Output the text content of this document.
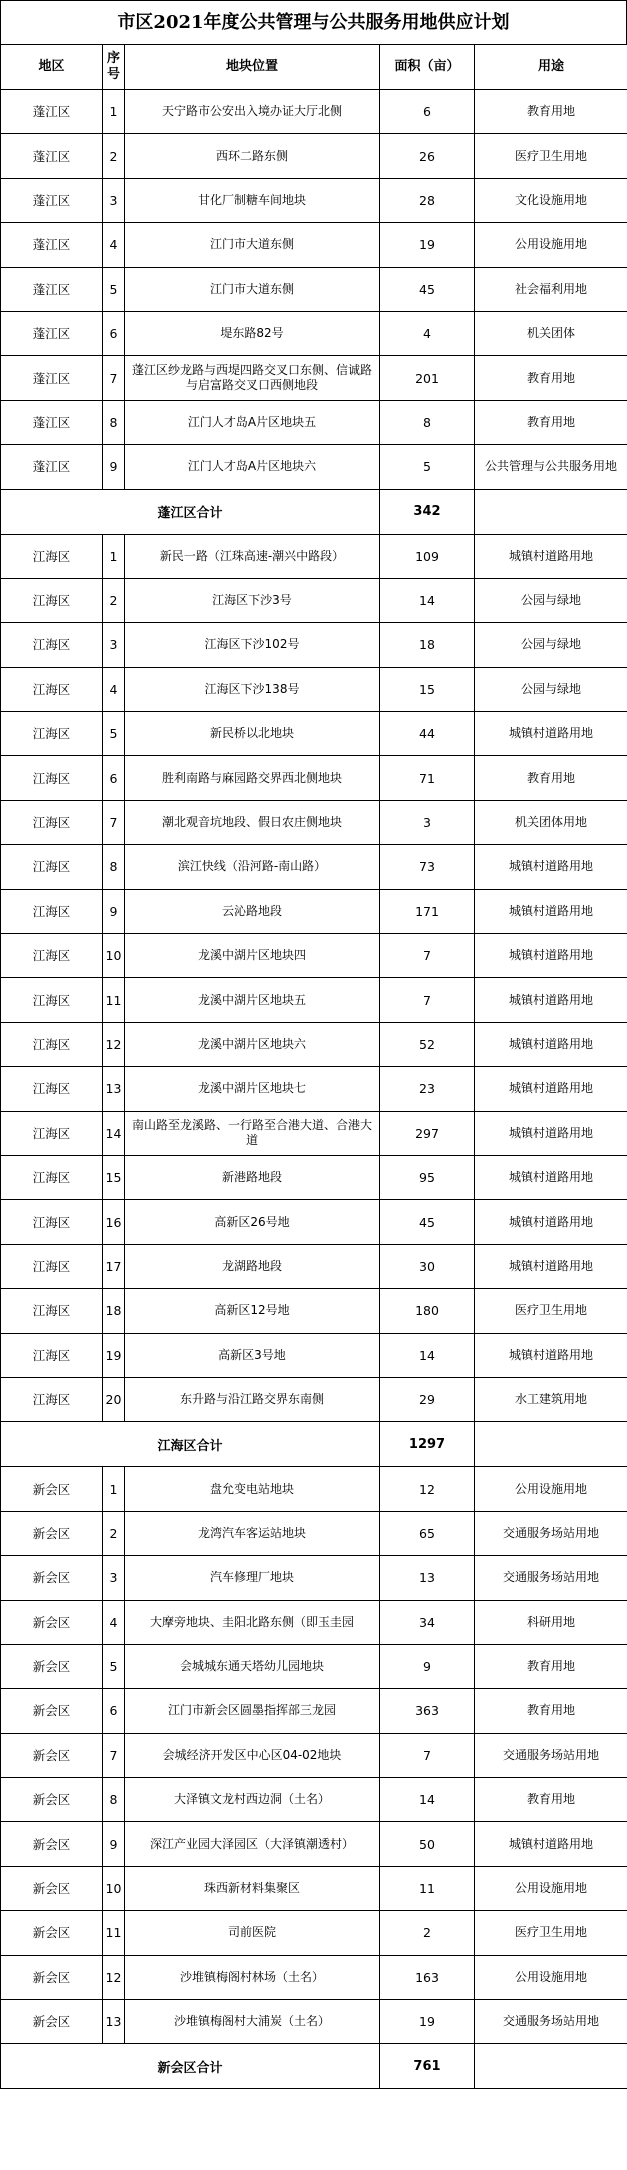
市区2021年度公共管理与公共服务用地供应计划
地区	序号	地块位置	面积（亩）	用途
蓬江区	1	天宁路市公安出入境办证大厅北侧	6	教育用地
蓬江区	2	西环二路东侧	26	医疗卫生用地
蓬江区	3	甘化厂制糖车间地块	28	文化设施用地
蓬江区	4	江门市大道东侧	19	公用设施用地
蓬江区	5	江门市大道东侧	45	社会福利用地
蓬江区	6	堤东路82号	4	机关团体
蓬江区	7	蓬江区纱龙路与西堤四路交叉口东侧、信诚路与启富路交叉口西侧地段	201	教育用地
蓬江区	8	江门人才岛A片区地块五	8	教育用地
蓬江区	9	江门人才岛A片区地块六	5	公共管理与公共服务用地
蓬江区合计			342	
江海区	1	新民一路（江珠高速-潮兴中路段）	109	城镇村道路用地
江海区	2	江海区下沙3号	14	公园与绿地
江海区	3	江海区下沙102号	18	公园与绿地
江海区	4	江海区下沙138号	15	公园与绿地
江海区	5	新民桥以北地块	44	城镇村道路用地
江海区	6	胜利南路与麻园路交界西北侧地块	71	教育用地
江海区	7	潮北观音坑地段、假日农庄侧地块	3	机关团体用地
江海区	8	滨江快线（沿河路-南山路）	73	城镇村道路用地
江海区	9	云沁路地段	171	城镇村道路用地
江海区	10	龙溪中湖片区地块四	7	城镇村道路用地
江海区	11	龙溪中湖片区地块五	7	城镇村道路用地
江海区	12	龙溪中湖片区地块六	52	城镇村道路用地
江海区	13	龙溪中湖片区地块七	23	城镇村道路用地
江海区	14	南山路至龙溪路、一行路至合港大道、合港大道	297	城镇村道路用地
江海区	15	新港路地段	95	城镇村道路用地
江海区	16	高新区26号地	45	城镇村道路用地
江海区	17	龙湖路地段	30	城镇村道路用地
江海区	18	高新区12号地	180	医疗卫生用地
江海区	19	高新区3号地	14	城镇村道路用地
江海区	20	东升路与沿江路交界东南侧	29	水工建筑用地
江海区合计			1297	
新会区	1	盘允变电站地块	12	公用设施用地
新会区	2	龙湾汽车客运站地块	65	交通服务场站用地
新会区	3	汽车修理厂地块	13	交通服务场站用地
新会区	4	大摩旁地块、圭阳北路东侧（即玉圭园	34	科研用地
新会区	5	会城城东通天塔幼儿园地块	9	教育用地
新会区	6	江门市新会区圆墨指挥部三龙园	363	教育用地
新会区	7	会城经济开发区中心区04-02地块	7	交通服务场站用地
新会区	8	大泽镇文龙村西边洞（土名）	14	教育用地
新会区	9	深江产业园大泽园区（大泽镇潮透村）	50	城镇村道路用地
新会区	10	珠西新材料集聚区	11	公用设施用地
新会区	11	司前医院	2	医疗卫生用地
新会区	12	沙堆镇梅阁村林场（土名）	163	公用设施用地
新会区	13	沙堆镇梅阁村大浦炭（土名）	19	交通服务场站用地
新会区合计			761	
